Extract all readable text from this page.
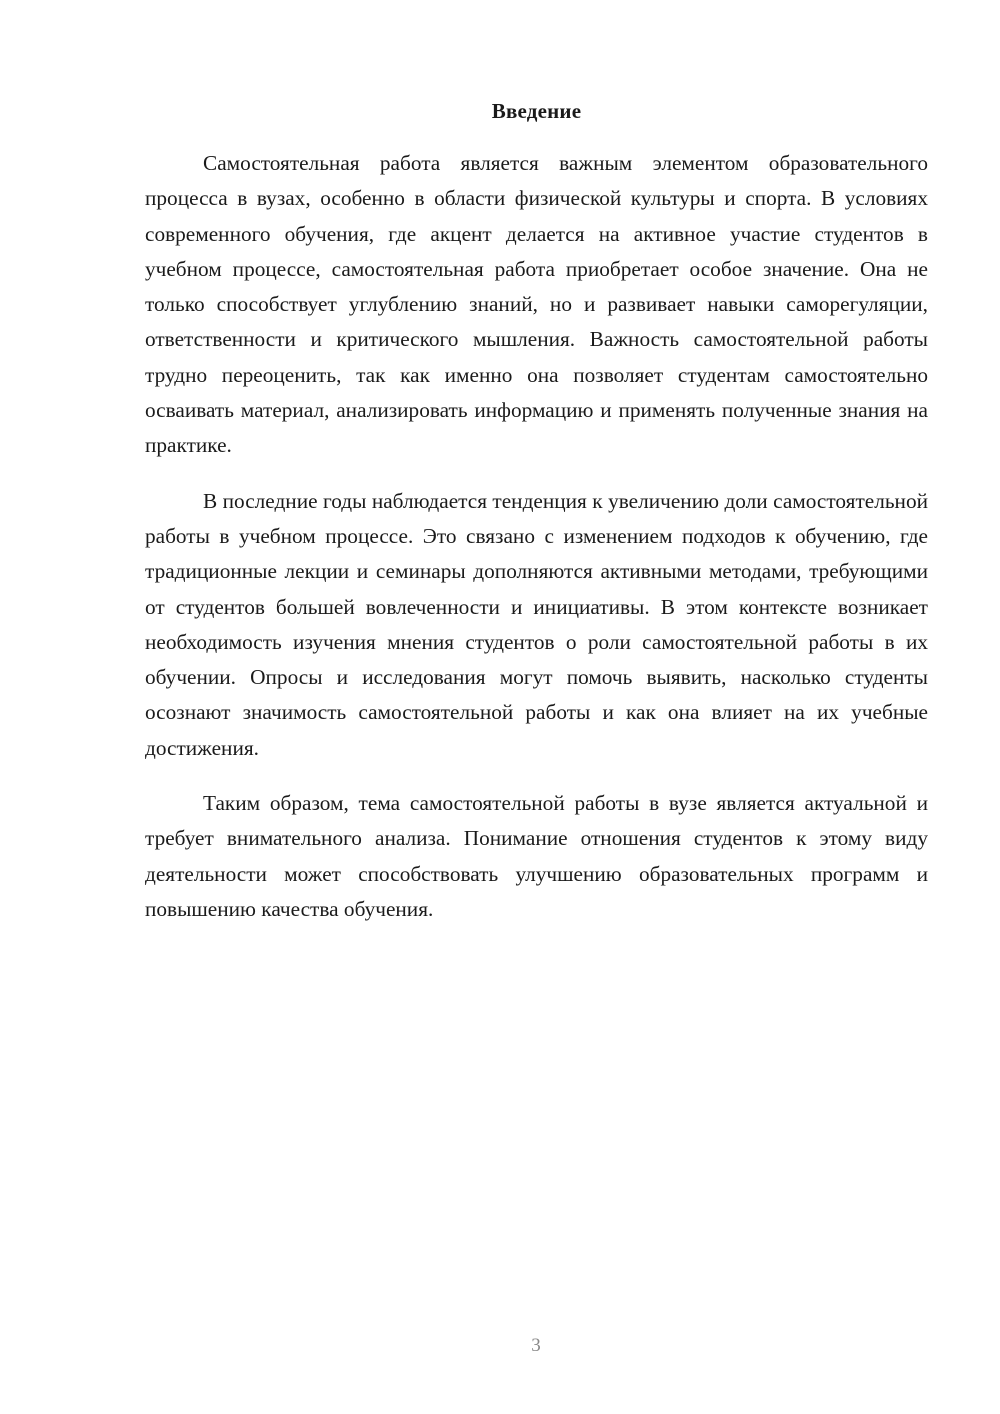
Введение

Самостоятельная работа является важным элементом образовательного процесса в вузах, особенно в области физической культуры и спорта. В условиях современного обучения, где акцент делается на активное участие студентов в учебном процессе, самостоятельная работа приобретает особое значение. Она не только способствует углублению знаний, но и развивает навыки саморегуляции, ответственности и критического мышления. Важность самостоятельной работы трудно переоценить, так как именно она позволяет студентам самостоятельно осваивать материал, анализировать информацию и применять полученные знания на практике.

В последние годы наблюдается тенденция к увеличению доли самостоятельной работы в учебном процессе. Это связано с изменением подходов к обучению, где традиционные лекции и семинары дополняются активными методами, требующими от студентов большей вовлеченности и инициативы. В этом контексте возникает необходимость изучения мнения студентов о роли самостоятельной работы в их обучении. Опросы и исследования могут помочь выявить, насколько студенты осознают значимость самостоятельной работы и как она влияет на их учебные достижения.

Таким образом, тема самостоятельной работы в вузе является актуальной и требует внимательного анализа. Понимание отношения студентов к этому виду деятельности может способствовать улучшению образовательных программ и повышению качества обучения.

3
